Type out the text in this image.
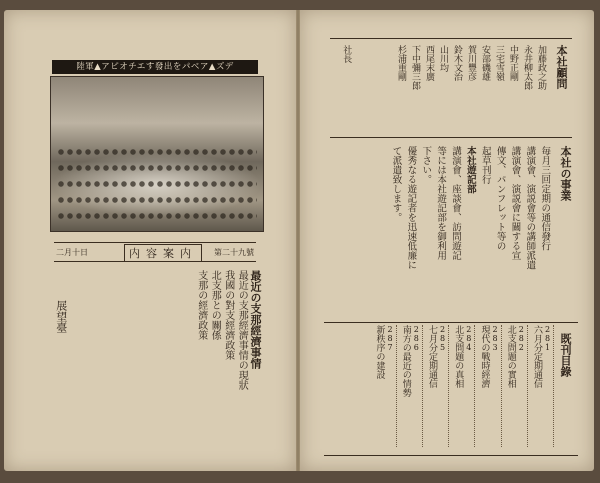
陸軍▲アピオチエす發出をパベア▲ズデ
二月十日	内容案内	第二十九號
最近の支那經濟事情
最近の支那經濟事情の現狀
我國の對支經濟政策
北支那との關係
支那の經濟政策
展望臺
本社顧問
加藤政之助
永井柳太郎
中野正剛
三宅雪嶺
安部磯雄
賀川豐彦
鈴木文治
山川均
西尾末廣
下中彌三郎
杉浦重剛
社長
本社の事業
毎月三回定期の通信發行
講演會、演説會等の講師派遣
講演會、演説會に關する宣
傳文、パンフレット等の
起草刊行
本社遊記部
講演會、座談會、訪問遊記
等には本社遊記部を御利用
下さい。
優秀なる遊記者を迅速低廉に
て派遣致します。
既刊目錄
281
六月分定期通信
282
北支問題の實相
283
現代の戰時經濟
284
北支問題の真相
285
七月分定期通信
286
南方の最近の情勢
287
新秩序の建設
